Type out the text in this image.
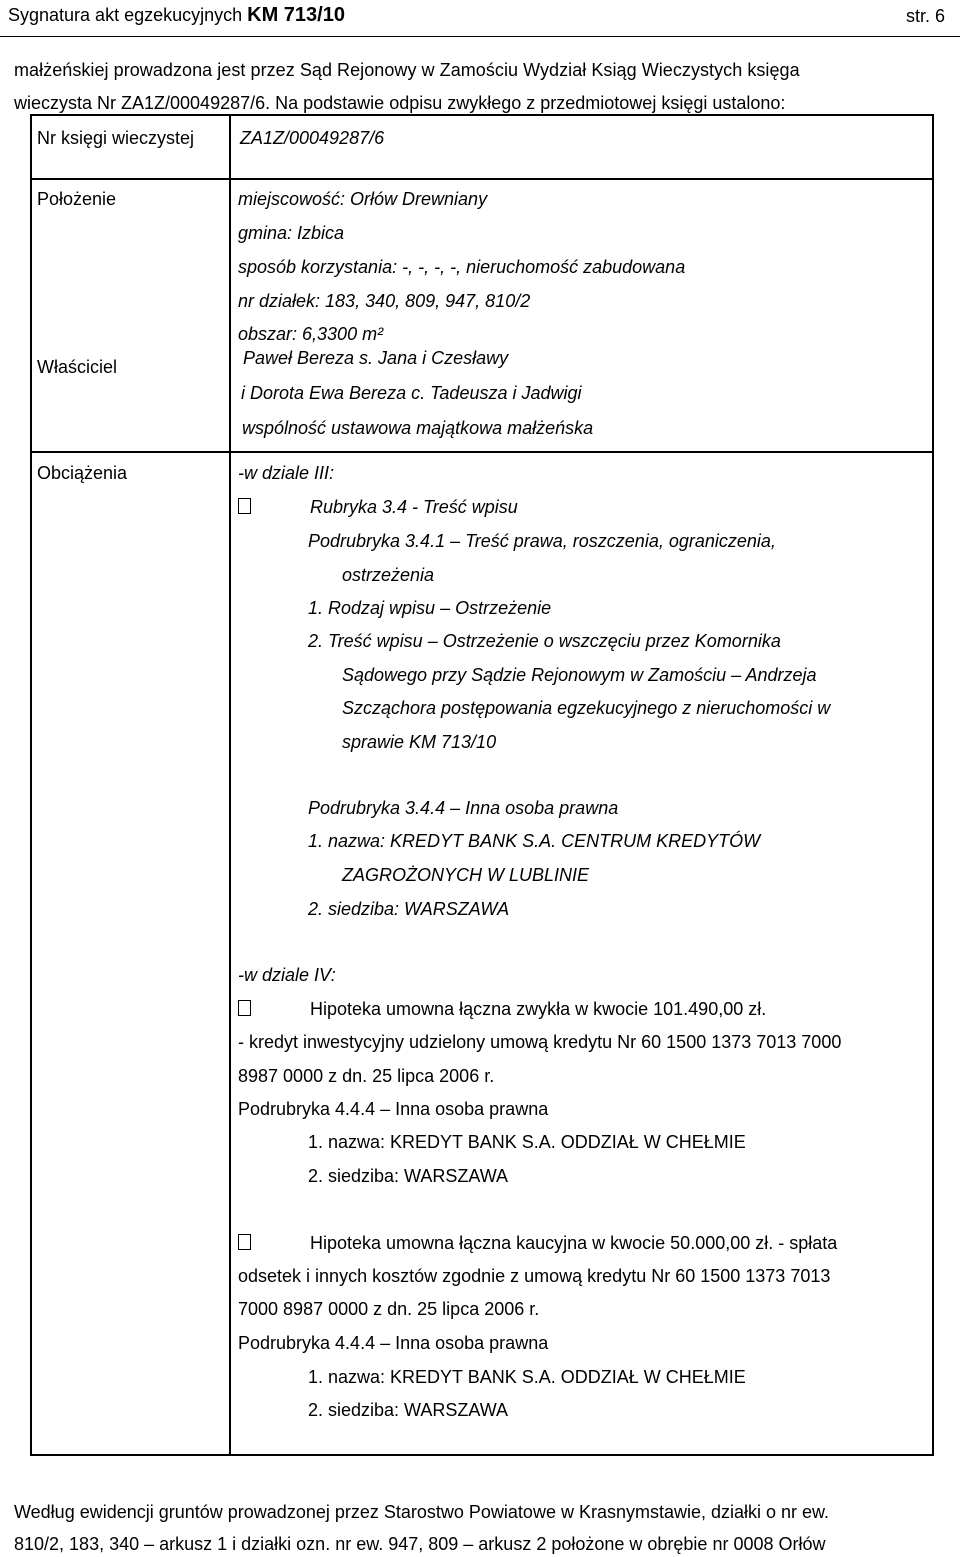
Sygnatura akt egzekucyjnych KM 713/10	str. 6
małżeńskiej prowadzona jest przez Sąd Rejonowy w Zamościu Wydział Ksiąg Wieczystych księga
wieczysta Nr ZA1Z/00049287/6. Na podstawie odpisu zwykłego z przedmiotowej księgi ustalono:
Nr księgi wieczystej	ZA1Z/00049287/6
Położenie	miejscowość: Orłów Drewniany
gmina: Izbica
sposób korzystania: -, -, -, -, nieruchomość zabudowana
nr działek: 183, 340, 809, 947, 810/2
obszar: 6,3300 m²
Właściciel	Paweł Bereza s. Jana i Czesławy
i Dorota Ewa Bereza c. Tadeusza i Jadwigi
wspólność ustawowa majątkowa małżeńska
Obciążenia	-w dziale III:
Rubryka 3.4 - Treść wpisu
Podrubryka 3.4.1 – Treść prawa, roszczenia, ograniczenia,
ostrzeżenia
1. Rodzaj wpisu – Ostrzeżenie
2. Treść wpisu – Ostrzeżenie o wszczęciu przez Komornika
Sądowego przy Sądzie Rejonowym w Zamościu – Andrzeja
Szcząchora postępowania egzekucyjnego z nieruchomości w
sprawie KM 713/10
Podrubryka 3.4.4 – Inna osoba prawna
1. nazwa: KREDYT BANK S.A. CENTRUM KREDYTÓW
ZAGROŻONYCH W LUBLINIE
2. siedziba: WARSZAWA
-w dziale IV:
Hipoteka umowna łączna zwykła w kwocie 101.490,00 zł.
- kredyt inwestycyjny udzielony umową kredytu Nr 60 1500 1373 7013 7000
8987 0000 z dn. 25 lipca 2006 r.
Podrubryka 4.4.4 – Inna osoba prawna
1. nazwa: KREDYT BANK S.A. ODDZIAŁ W CHEŁMIE
2. siedziba: WARSZAWA
Hipoteka umowna łączna kaucyjna w kwocie 50.000,00 zł. - spłata
odsetek i innych kosztów zgodnie z umową kredytu Nr 60 1500 1373 7013
7000 8987 0000 z dn. 25 lipca 2006 r.
Podrubryka 4.4.4 – Inna osoba prawna
1. nazwa: KREDYT BANK S.A. ODDZIAŁ W CHEŁMIE
2. siedziba: WARSZAWA
Według ewidencji gruntów prowadzonej przez Starostwo Powiatowe w Krasnymstawie, działki o nr ew.
810/2, 183, 340 – arkusz 1 i działki ozn. nr ew. 947, 809 – arkusz 2 położone w obrębie nr 0008 Orłów
